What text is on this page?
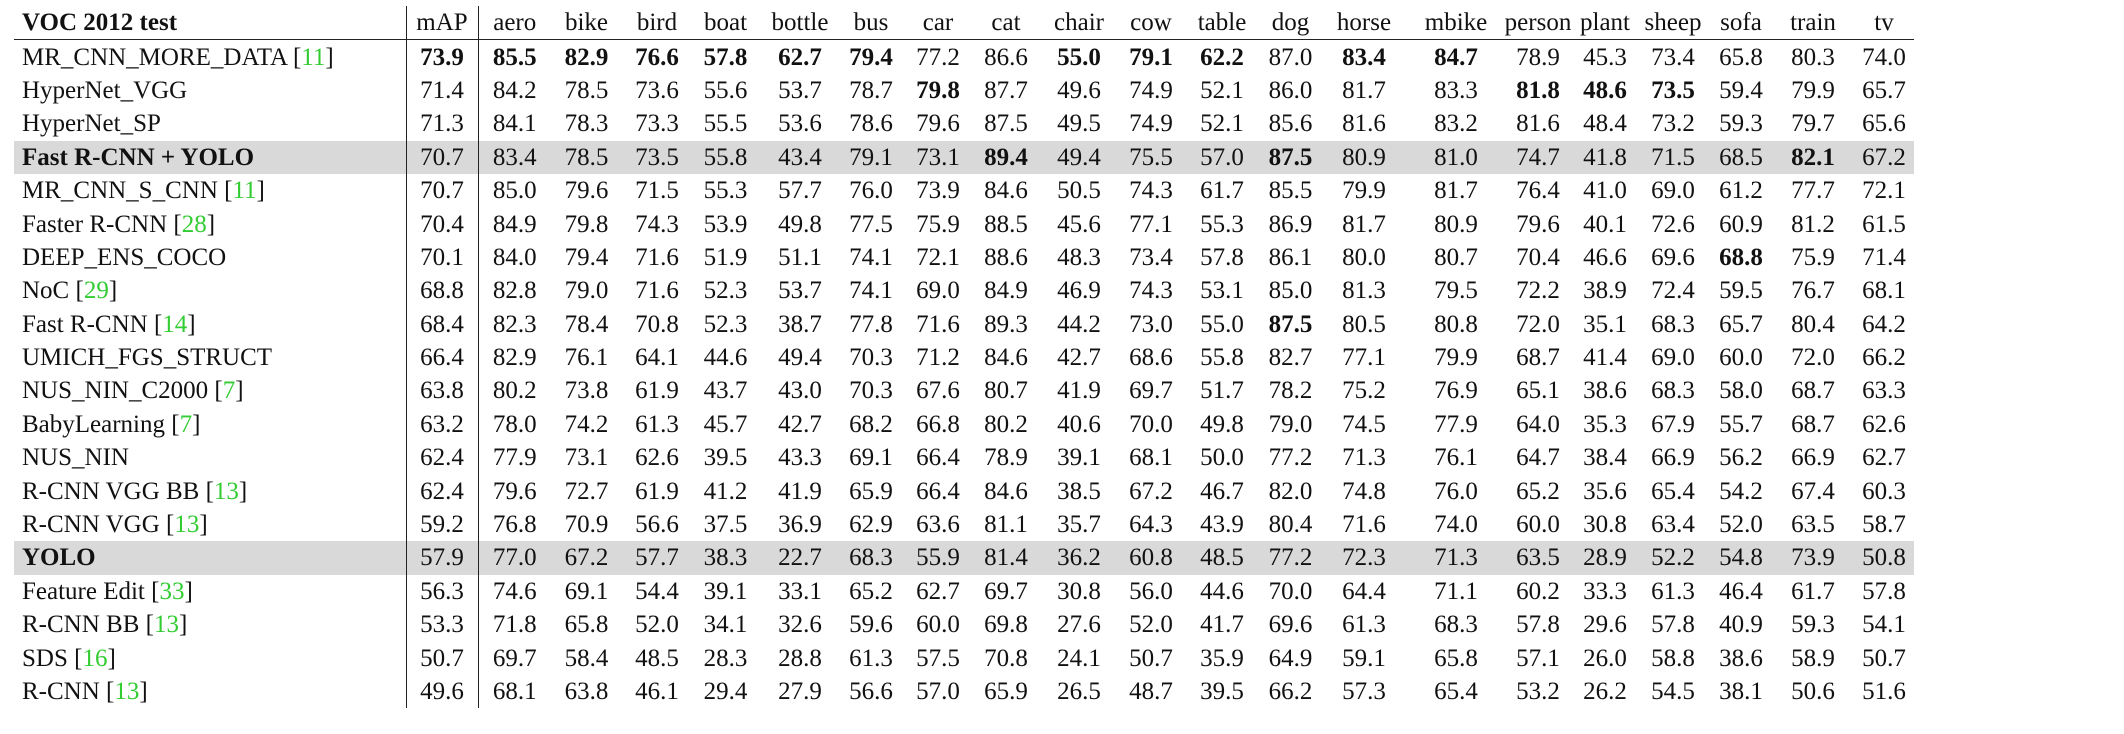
VOC 2012 test	mAP	aero	bike	bird	boat	bottle	bus	car	cat	chair	cow	table	dog	horse	mbike	person	plant	sheep	sofa	train	tv
MR_CNN_MORE_DATA [11]	73.9	85.5	82.9	76.6	57.8	62.7	79.4	77.2	86.6	55.0	79.1	62.2	87.0	83.4	84.7	78.9	45.3	73.4	65.8	80.3	74.0
HyperNet_VGG	71.4	84.2	78.5	73.6	55.6	53.7	78.7	79.8	87.7	49.6	74.9	52.1	86.0	81.7	83.3	81.8	48.6	73.5	59.4	79.9	65.7
HyperNet_SP	71.3	84.1	78.3	73.3	55.5	53.6	78.6	79.6	87.5	49.5	74.9	52.1	85.6	81.6	83.2	81.6	48.4	73.2	59.3	79.7	65.6
Fast R-CNN + YOLO	70.7	83.4	78.5	73.5	55.8	43.4	79.1	73.1	89.4	49.4	75.5	57.0	87.5	80.9	81.0	74.7	41.8	71.5	68.5	82.1	67.2
MR_CNN_S_CNN [11]	70.7	85.0	79.6	71.5	55.3	57.7	76.0	73.9	84.6	50.5	74.3	61.7	85.5	79.9	81.7	76.4	41.0	69.0	61.2	77.7	72.1
Faster R-CNN [28]	70.4	84.9	79.8	74.3	53.9	49.8	77.5	75.9	88.5	45.6	77.1	55.3	86.9	81.7	80.9	79.6	40.1	72.6	60.9	81.2	61.5
DEEP_ENS_COCO	70.1	84.0	79.4	71.6	51.9	51.1	74.1	72.1	88.6	48.3	73.4	57.8	86.1	80.0	80.7	70.4	46.6	69.6	68.8	75.9	71.4
NoC [29]	68.8	82.8	79.0	71.6	52.3	53.7	74.1	69.0	84.9	46.9	74.3	53.1	85.0	81.3	79.5	72.2	38.9	72.4	59.5	76.7	68.1
Fast R-CNN [14]	68.4	82.3	78.4	70.8	52.3	38.7	77.8	71.6	89.3	44.2	73.0	55.0	87.5	80.5	80.8	72.0	35.1	68.3	65.7	80.4	64.2
UMICH_FGS_STRUCT	66.4	82.9	76.1	64.1	44.6	49.4	70.3	71.2	84.6	42.7	68.6	55.8	82.7	77.1	79.9	68.7	41.4	69.0	60.0	72.0	66.2
NUS_NIN_C2000 [7]	63.8	80.2	73.8	61.9	43.7	43.0	70.3	67.6	80.7	41.9	69.7	51.7	78.2	75.2	76.9	65.1	38.6	68.3	58.0	68.7	63.3
BabyLearning [7]	63.2	78.0	74.2	61.3	45.7	42.7	68.2	66.8	80.2	40.6	70.0	49.8	79.0	74.5	77.9	64.0	35.3	67.9	55.7	68.7	62.6
NUS_NIN	62.4	77.9	73.1	62.6	39.5	43.3	69.1	66.4	78.9	39.1	68.1	50.0	77.2	71.3	76.1	64.7	38.4	66.9	56.2	66.9	62.7
R-CNN VGG BB [13]	62.4	79.6	72.7	61.9	41.2	41.9	65.9	66.4	84.6	38.5	67.2	46.7	82.0	74.8	76.0	65.2	35.6	65.4	54.2	67.4	60.3
R-CNN VGG [13]	59.2	76.8	70.9	56.6	37.5	36.9	62.9	63.6	81.1	35.7	64.3	43.9	80.4	71.6	74.0	60.0	30.8	63.4	52.0	63.5	58.7
YOLO	57.9	77.0	67.2	57.7	38.3	22.7	68.3	55.9	81.4	36.2	60.8	48.5	77.2	72.3	71.3	63.5	28.9	52.2	54.8	73.9	50.8
Feature Edit [33]	56.3	74.6	69.1	54.4	39.1	33.1	65.2	62.7	69.7	30.8	56.0	44.6	70.0	64.4	71.1	60.2	33.3	61.3	46.4	61.7	57.8
R-CNN BB [13]	53.3	71.8	65.8	52.0	34.1	32.6	59.6	60.0	69.8	27.6	52.0	41.7	69.6	61.3	68.3	57.8	29.6	57.8	40.9	59.3	54.1
SDS [16]	50.7	69.7	58.4	48.5	28.3	28.8	61.3	57.5	70.8	24.1	50.7	35.9	64.9	59.1	65.8	57.1	26.0	58.8	38.6	58.9	50.7
R-CNN [13]	49.6	68.1	63.8	46.1	29.4	27.9	56.6	57.0	65.9	26.5	48.7	39.5	66.2	57.3	65.4	53.2	26.2	54.5	38.1	50.6	51.6
